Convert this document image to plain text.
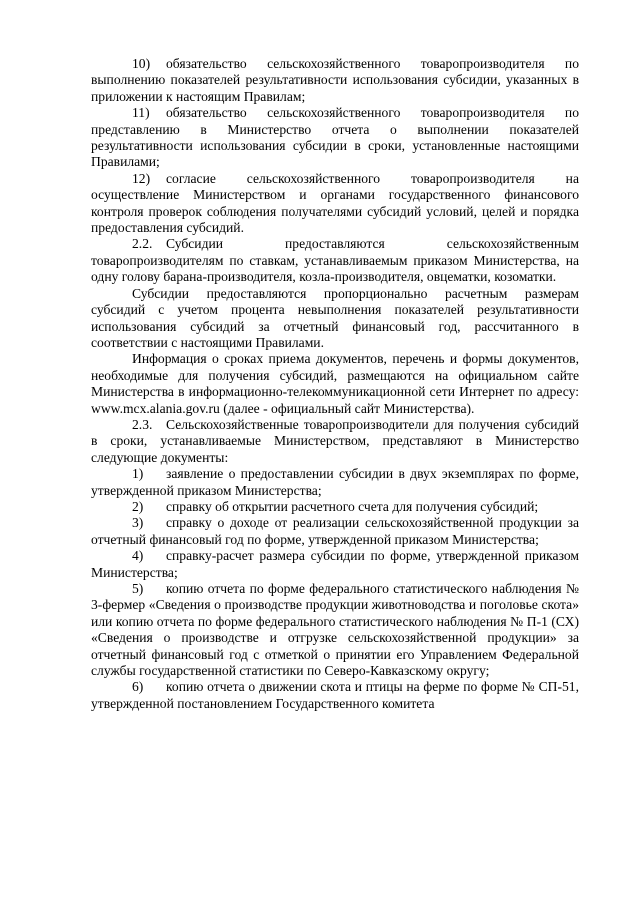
10) обязательство сельскохозяйственного товаропроизводителя по выполнению показателей результативности использования субсидии, указанных в приложении к настоящим Правилам;

11) обязательство сельскохозяйственного товаропроизводителя по представлению в Министерство отчета о выполнении показателей результативности использования субсидии в сроки, установленные настоящими Правилами;

12) согласие сельскохозяйственного товаропроизводителя на осуществление Министерством и органами государственного финансового контроля проверок соблюдения получателями субсидий условий, целей и порядка предоставления субсидий.

2.2. Субсидии предоставляются сельскохозяйственным товаропроизводителям по ставкам, устанавливаемым приказом Министерства, на одну голову барана-производителя, козла-производителя, овцематки, козоматки.

Субсидии предоставляются пропорционально расчетным размерам субсидий с учетом процента невыполнения показателей результативности использования субсидий за отчетный финансовый год, рассчитанного в соответствии с настоящими Правилами.

Информация о сроках приема документов, перечень и формы документов, необходимые для получения субсидий, размещаются на официальном сайте Министерства в информационно-телекоммуникационной сети Интернет по адресу: www.mcx.alania.gov.ru (далее - официальный сайт Министерства).

2.3. Сельскохозяйственные товаропроизводители для получения субсидий в сроки, устанавливаемые Министерством, представляют в Министерство следующие документы:

1) заявление о предоставлении субсидии в двух экземплярах по форме, утвержденной приказом Министерства;

2) справку об открытии расчетного счета для получения субсидий;

3) справку о доходе от реализации сельскохозяйственной продукции за отчетный финансовый год по форме, утвержденной приказом Министерства;

4) справку-расчет размера субсидии по форме, утвержденной приказом Министерства;

5) копию отчета по форме федерального статистического наблюдения № 3-фермер «Сведения о производстве продукции животноводства и поголовье скота» или копию отчета по форме федерального статистического наблюдения № П-1 (СХ) «Сведения о производстве и отгрузке сельскохозяйственной продукции» за отчетный финансовый год с отметкой о принятии его Управлением Федеральной службы государственной статистики по Северо-Кавказскому округу;

6) копию отчета о движении скота и птицы на ферме по форме № СП-51, утвержденной постановлением Государственного комитета
